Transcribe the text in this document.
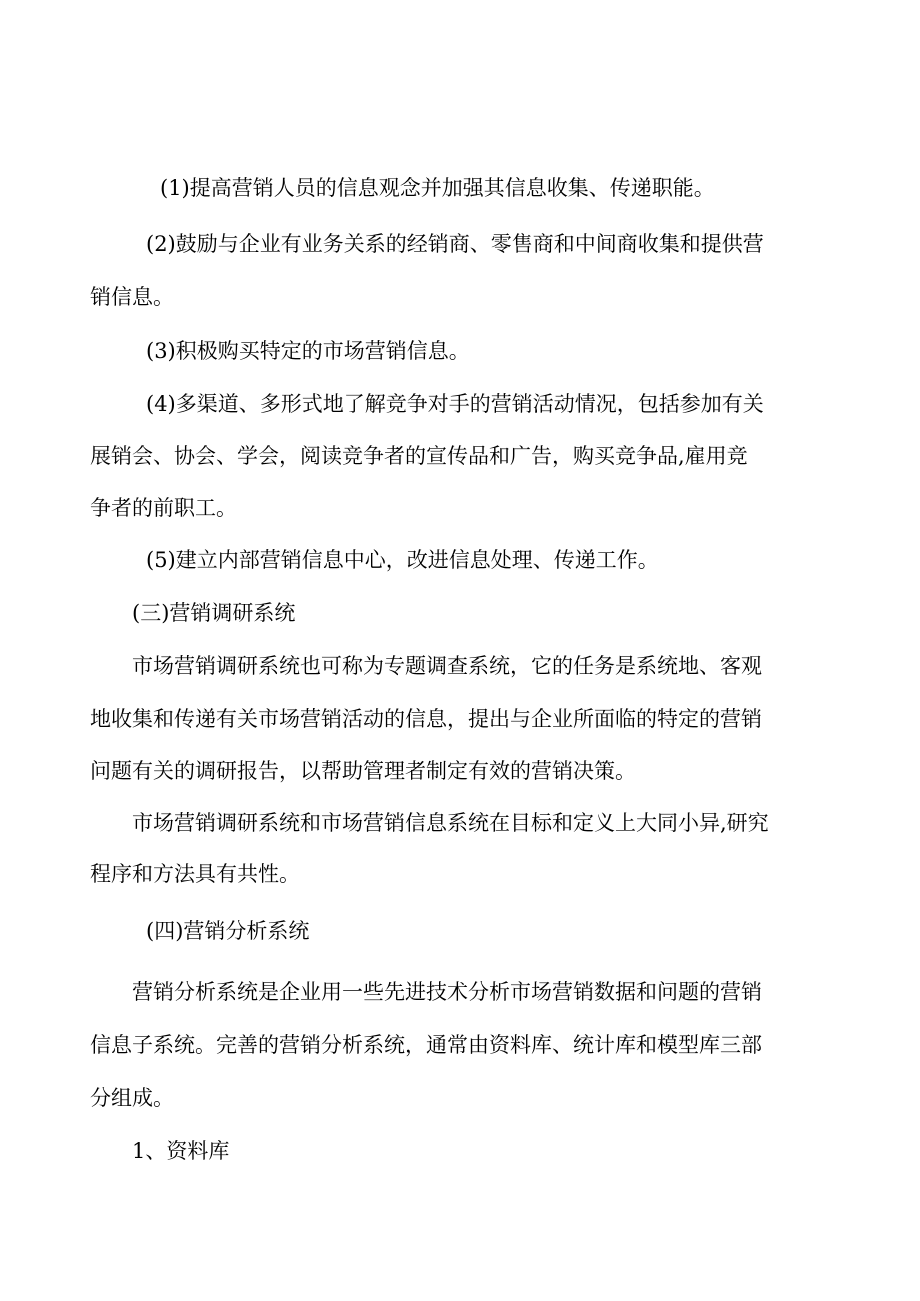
(1)提高营销人员的信息观念并加强其信息收集、传递职能。

(2)鼓励与企业有业务关系的经销商、零售商和中间商收集和提供营

销信息。

(3)积极购买特定的市场营销信息。

(4)多渠道、多形式地了解竞争对手的营销活动情况，包括参加有关

展销会、协会、学会，阅读竞争者的宣传品和广告，购买竞争品,雇用竞

争者的前职工。

(5)建立内部营销信息中心，改进信息处理、传递工作。

(三)营销调研系统

市场营销调研系统也可称为专题调查系统，它的任务是系统地、客观

地收集和传递有关市场营销活动的信息，提出与企业所面临的特定的营销

问题有关的调研报告，以帮助管理者制定有效的营销决策。

市场营销调研系统和市场营销信息系统在目标和定义上大同小异,研究

程序和方法具有共性。

(四)营销分析系统

营销分析系统是企业用一些先进技术分析市场营销数据和问题的营销

信息子系统。完善的营销分析系统，通常由资料库、统计库和模型库三部

分组成。

1、资料库
